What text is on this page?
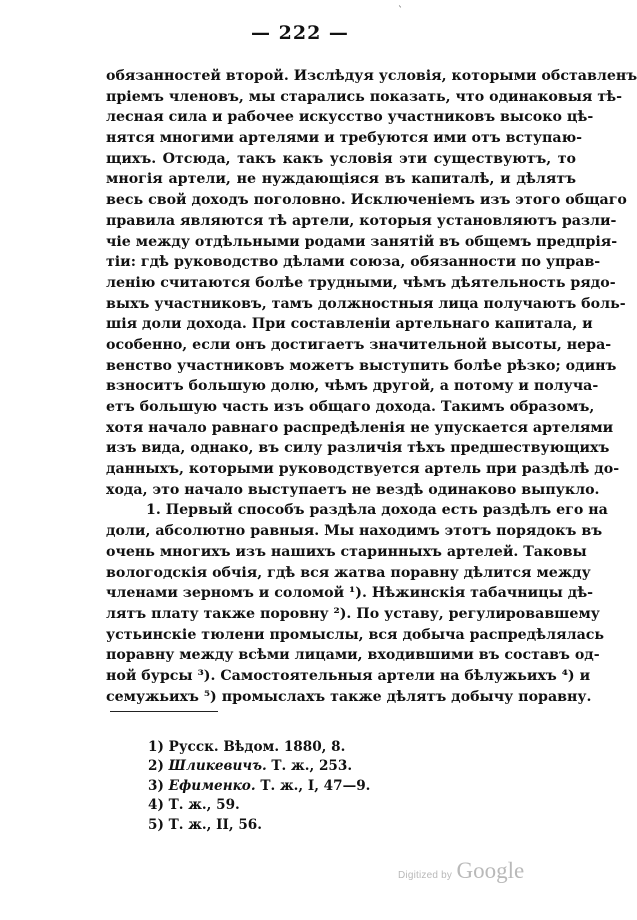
`
— 222 —
обязанностей второй. Изслѣдуя условія, которыми обставленъ
пріемъ членовъ, мы старались показать, что одинаковыя тѣ-
лесная сила и рабочее искусство участниковъ высоко цѣ-
нятся многими артелями и требуются ими отъ вступаю-
щихъ. Отсюда, такъ какъ условія эти существуютъ, то
многія артели, не нуждающіяся въ капиталѣ, и дѣлятъ
весь свой доходъ поголовно. Исключеніемъ изъ этого общаго
правила являются тѣ артели, которыя установляютъ разли-
чіе между отдѣльными родами занятій въ общемъ предпрія-
тіи: гдѣ руководство дѣлами союза, обязанности по управ-
ленію считаются болѣе трудными, чѣмъ дѣятельность рядо-
выхъ участниковъ, тамъ должностныя лица получаютъ боль-
шія доли дохода. При составленіи артельнаго капитала, и
особенно, если онъ достигаетъ значительной высоты, нера-
венство участниковъ можетъ выступить болѣе рѣзко; одинъ
взноситъ большую долю, чѣмъ другой, а потому и получа-
етъ большую часть изъ общаго дохода. Такимъ образомъ,
хотя начало равнаго распредѣленія не упускается артелями
изъ вида, однако, въ силу различія тѣхъ предшествующихъ
данныхъ, которыми руководствуется артель при раздѣлѣ до-
хода, это начало выступаетъ не вездѣ одинаково выпукло.
1. Первый способъ раздѣла дохода есть раздѣлъ его на
доли, абсолютно равныя. Мы находимъ этотъ порядокъ въ
очень многихъ изъ нашихъ старинныхъ артелей. Таковы
вологодскія обчія, гдѣ вся жатва поравну дѣлится между
членами зерномъ и соломой ¹). Нѣжинскія табачницы дѣ-
лятъ плату также поровну ²). По уставу, регулировавшему
устьинскіе тюлени промыслы, вся добыча распредѣлялась
поравну между всѣми лицами, входившими въ составъ од-
ной бурсы ³). Самостоятельныя артели на бѣлужьихъ ⁴) и
семужьихъ ⁵) промыслахъ также дѣлятъ добычу поравну.
1) Русск. Вѣдом. 1880, 8.
2) Шликевичъ. Т. ж., 253.
3) Ефименко. Т. ж., I, 47—9.
4) Т. ж., 59.
5) Т. ж., II, 56.
Digitized by Google
